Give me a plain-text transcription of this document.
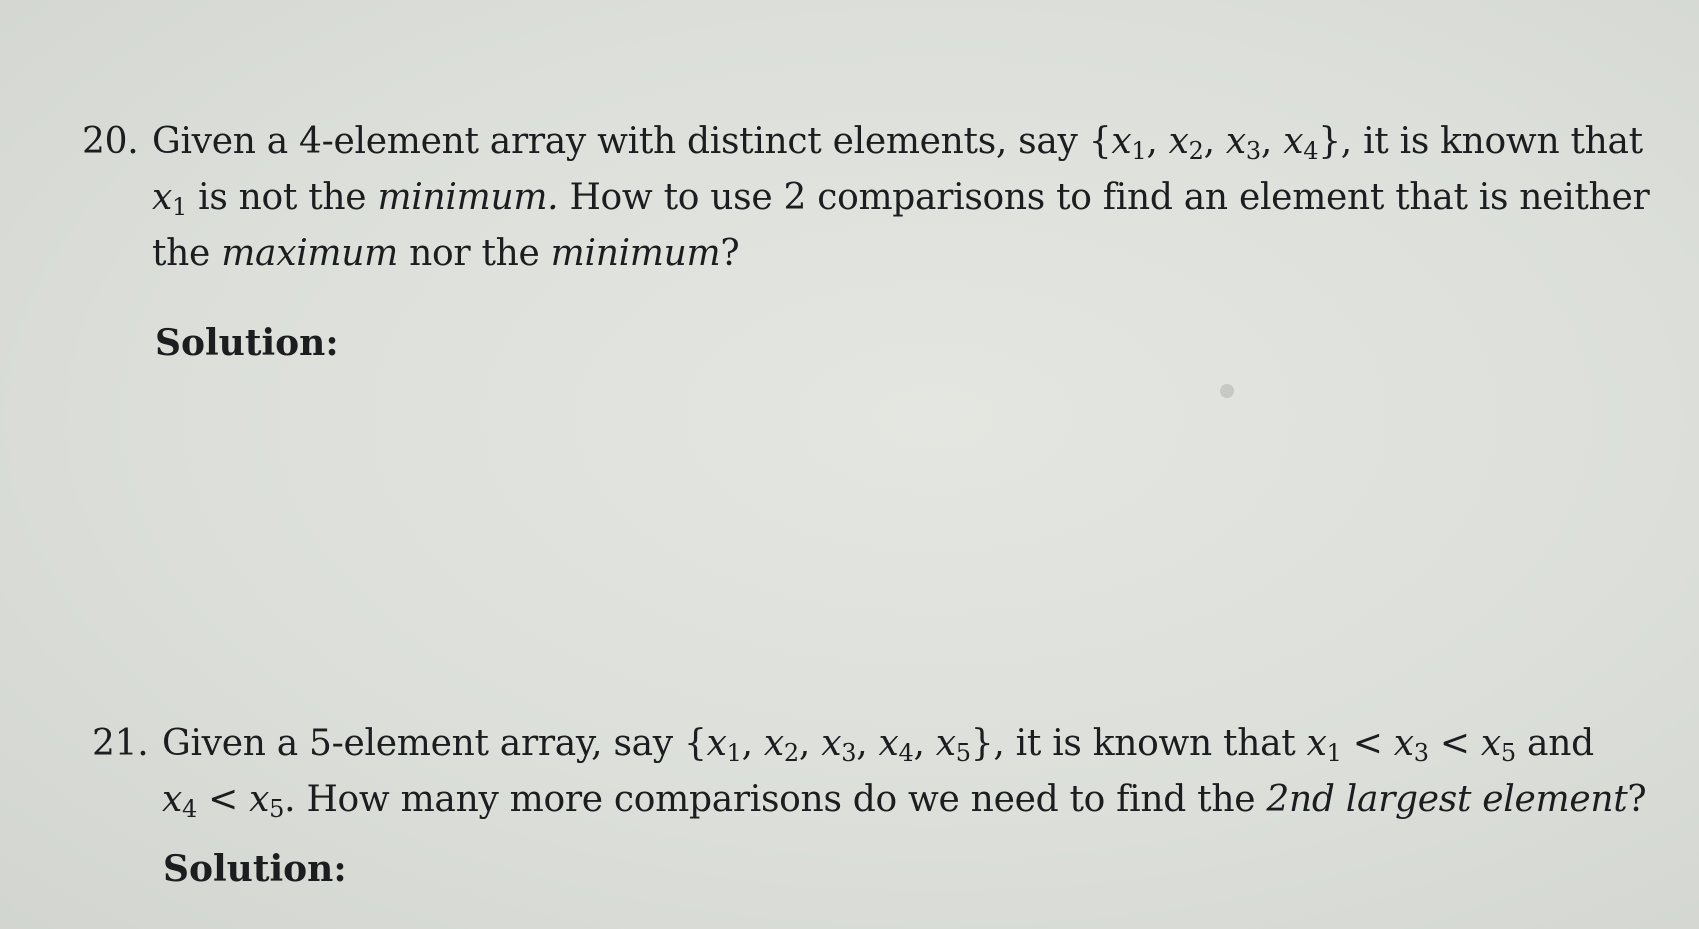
20. Given a 4-element array with distinct elements, say {$x_1$, $x_2$, $x_3$, $x_4$}, it is known that
$x_1$ is not the minimum. How to use 2 comparisons to find an element that is neither
the maximum nor the minimum?
Solution:
21. Given a 5-element array, say {$x_1$, $x_2$, $x_3$, $x_4$, $x_5$}, it is known that $x_1 < x_3 < x_5$ and
$x_4 < x_5$. How many more comparisons do we need to find the 2nd largest element?
Solution:
